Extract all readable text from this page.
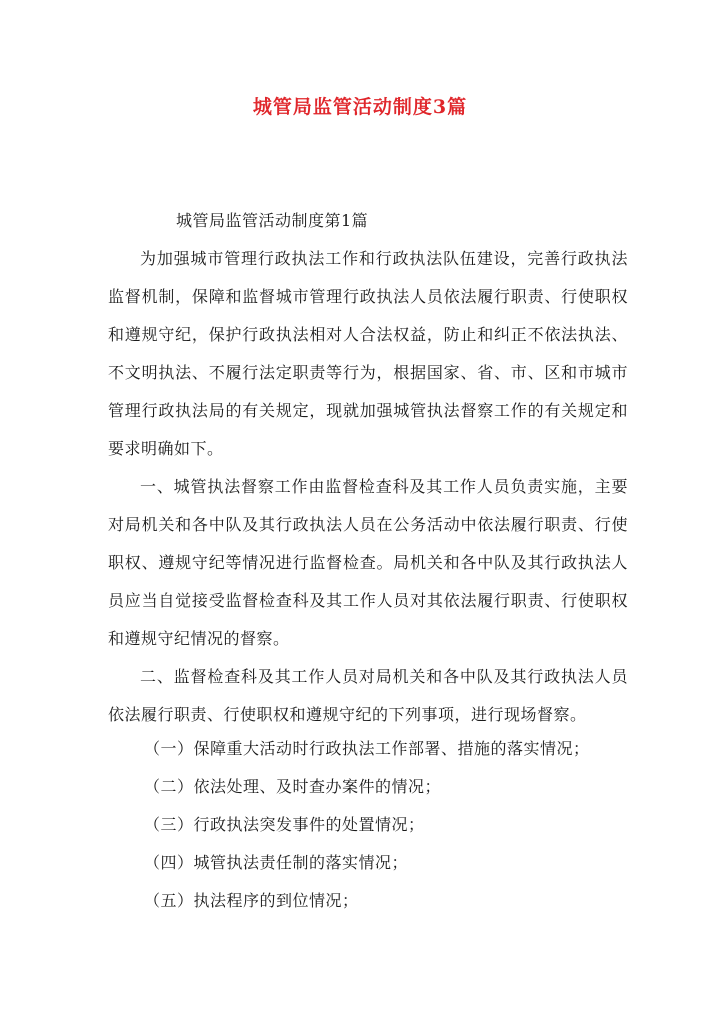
城管局监管活动制度3篇
城管局监管活动制度第1篇

为加强城市管理行政执法工作和行政执法队伍建设，完善行政执法监督机制，保障和监督城市管理行政执法人员依法履行职责、行使职权和遵规守纪，保护行政执法相对人合法权益，防止和纠正不依法执法、不文明执法、不履行法定职责等行为，根据国家、省、市、区和市城市管理行政执法局的有关规定，现就加强城管执法督察工作的有关规定和要求明确如下。

一、城管执法督察工作由监督检查科及其工作人员负责实施，主要对局机关和各中队及其行政执法人员在公务活动中依法履行职责、行使职权、遵规守纪等情况进行监督检查。局机关和各中队及其行政执法人员应当自觉接受监督检查科及其工作人员对其依法履行职责、行使职权和遵规守纪情况的督察。

二、监督检查科及其工作人员对局机关和各中队及其行政执法人员依法履行职责、行使职权和遵规守纪的下列事项，进行现场督察。

（一）保障重大活动时行政执法工作部署、措施的落实情况；
（二）依法处理、及时查办案件的情况；
（三）行政执法突发事件的处置情况；
（四）城管执法责任制的落实情况；
（五）执法程序的到位情况；
